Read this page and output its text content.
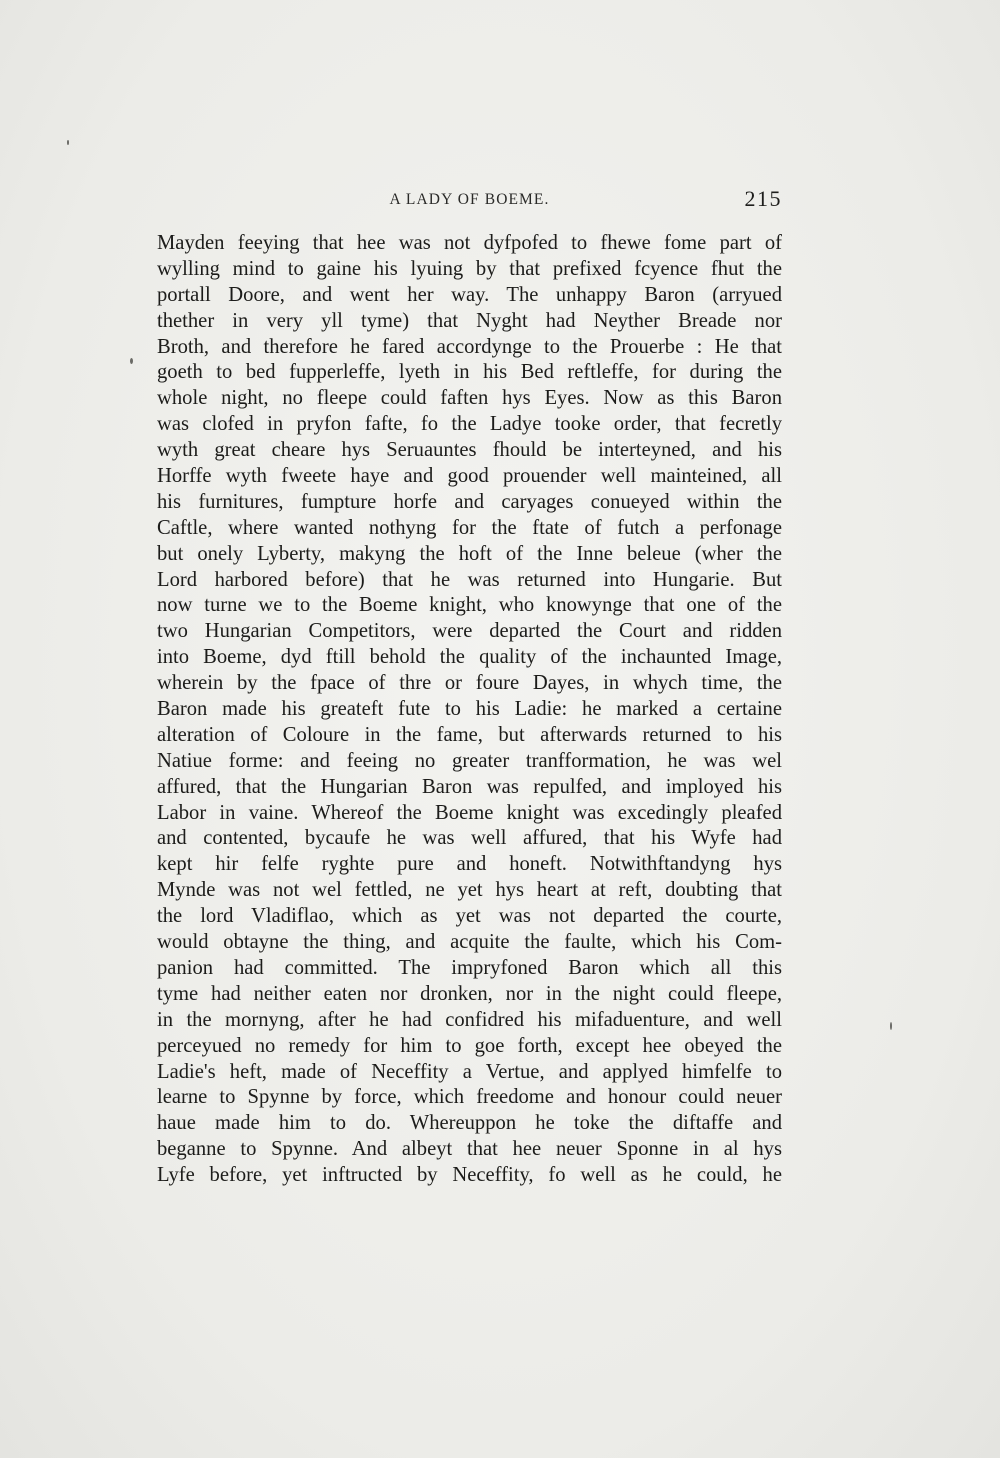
A LADY OF BOEME.	215
Mayden feeying that hee was not dyfpofed to fhewe fome part of
wylling mind to gaine his lyuing by that prefixed fcyence fhut the
portall Doore, and went her way. The unhappy Baron (arryued
thether in very yll tyme) that Nyght had Neyther Breade nor
Broth, and therefore he fared accordynge to the Prouerbe : He that
goeth to bed fupperleffe, lyeth in his Bed reftleffe, for during the
whole night, no fleepe could faften hys Eyes. Now as this Baron
was clofed in pryfon fafte, fo the Ladye tooke order, that fecretly
wyth great cheare hys Seruauntes fhould be interteyned, and his
Horffe wyth fweete haye and good prouender well mainteined, all
his furnitures, fumpture horfe and caryages conueyed within the
Caftle, where wanted nothyng for the ftate of futch a perfonage
but onely Lyberty, makyng the hoft of the Inne beleue (wher the
Lord harbored before) that he was returned into Hungarie. But
now turne we to the Boeme knight, who knowynge that one of the
two Hungarian Competitors, were departed the Court and ridden
into Boeme, dyd ftill behold the quality of the inchaunted Image,
wherein by the fpace of thre or foure Dayes, in whych time, the
Baron made his greateft fute to his Ladie: he marked a certaine
alteration of Coloure in the fame, but afterwards returned to his
Natiue forme: and feeing no greater tranfformation, he was wel
affured, that the Hungarian Baron was repulfed, and imployed his
Labor in vaine. Whereof the Boeme knight was excedingly pleafed
and contented, bycaufe he was well affured, that his Wyfe had
kept hir felfe ryghte pure and honeft. Notwithftandyng hys
Mynde was not wel fettled, ne yet hys heart at reft, doubting that
the lord Vladiflao, which as yet was not departed the courte,
would obtayne the thing, and acquite the faulte, which his Com-
panion had committed. The impryfoned Baron which all this
tyme had neither eaten nor dronken, nor in the night could fleepe,
in the mornyng, after he had confidred his mifaduenture, and well
perceyued no remedy for him to goe forth, except hee obeyed the
Ladie's heft, made of Neceffity a Vertue, and applyed himfelfe to
learne to Spynne by force, which freedome and honour could neuer
haue made him to do. Whereuppon he toke the diftaffe and
beganne to Spynne. And albeyt that hee neuer Sponne in al hys
Lyfe before, yet inftructed by Neceffity, fo well as he could, he
